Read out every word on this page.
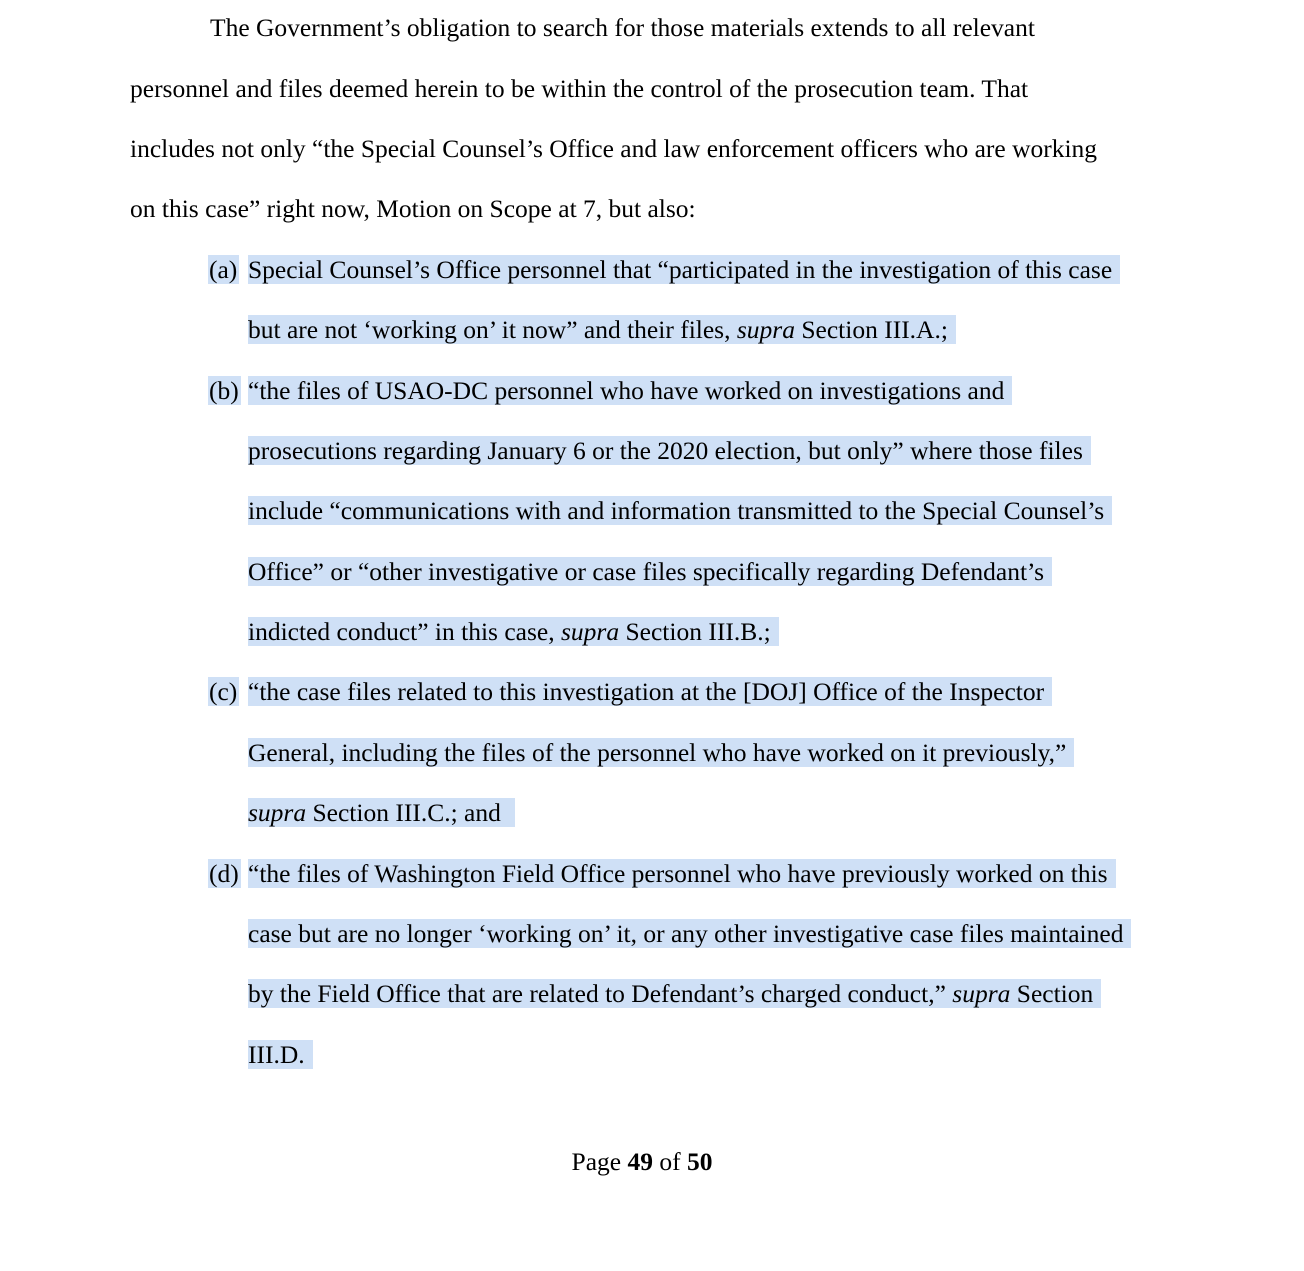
The Government’s obligation to search for those materials extends to all relevant
personnel and files deemed herein to be within the control of the prosecution team. That
includes not only “the Special Counsel’s Office and law enforcement officers who are working
on this case” right now, Motion on Scope at 7, but also:
(a) Special Counsel’s Office personnel that “participated in the investigation of this case
but are not ‘working on’ it now” and their files, supra Section III.A.;
(b) “the files of USAO-DC personnel who have worked on investigations and
prosecutions regarding January 6 or the 2020 election, but only” where those files
include “communications with and information transmitted to the Special Counsel’s
Office” or “other investigative or case files specifically regarding Defendant’s
indicted conduct” in this case, supra Section III.B.;
(c) “the case files related to this investigation at the [DOJ] Office of the Inspector
General, including the files of the personnel who have worked on it previously,”
supra Section III.C.; and
(d) “the files of Washington Field Office personnel who have previously worked on this
case but are no longer ‘working on’ it, or any other investigative case files maintained
by the Field Office that are related to Defendant’s charged conduct,” supra Section
III.D.
Page 49 of 50
